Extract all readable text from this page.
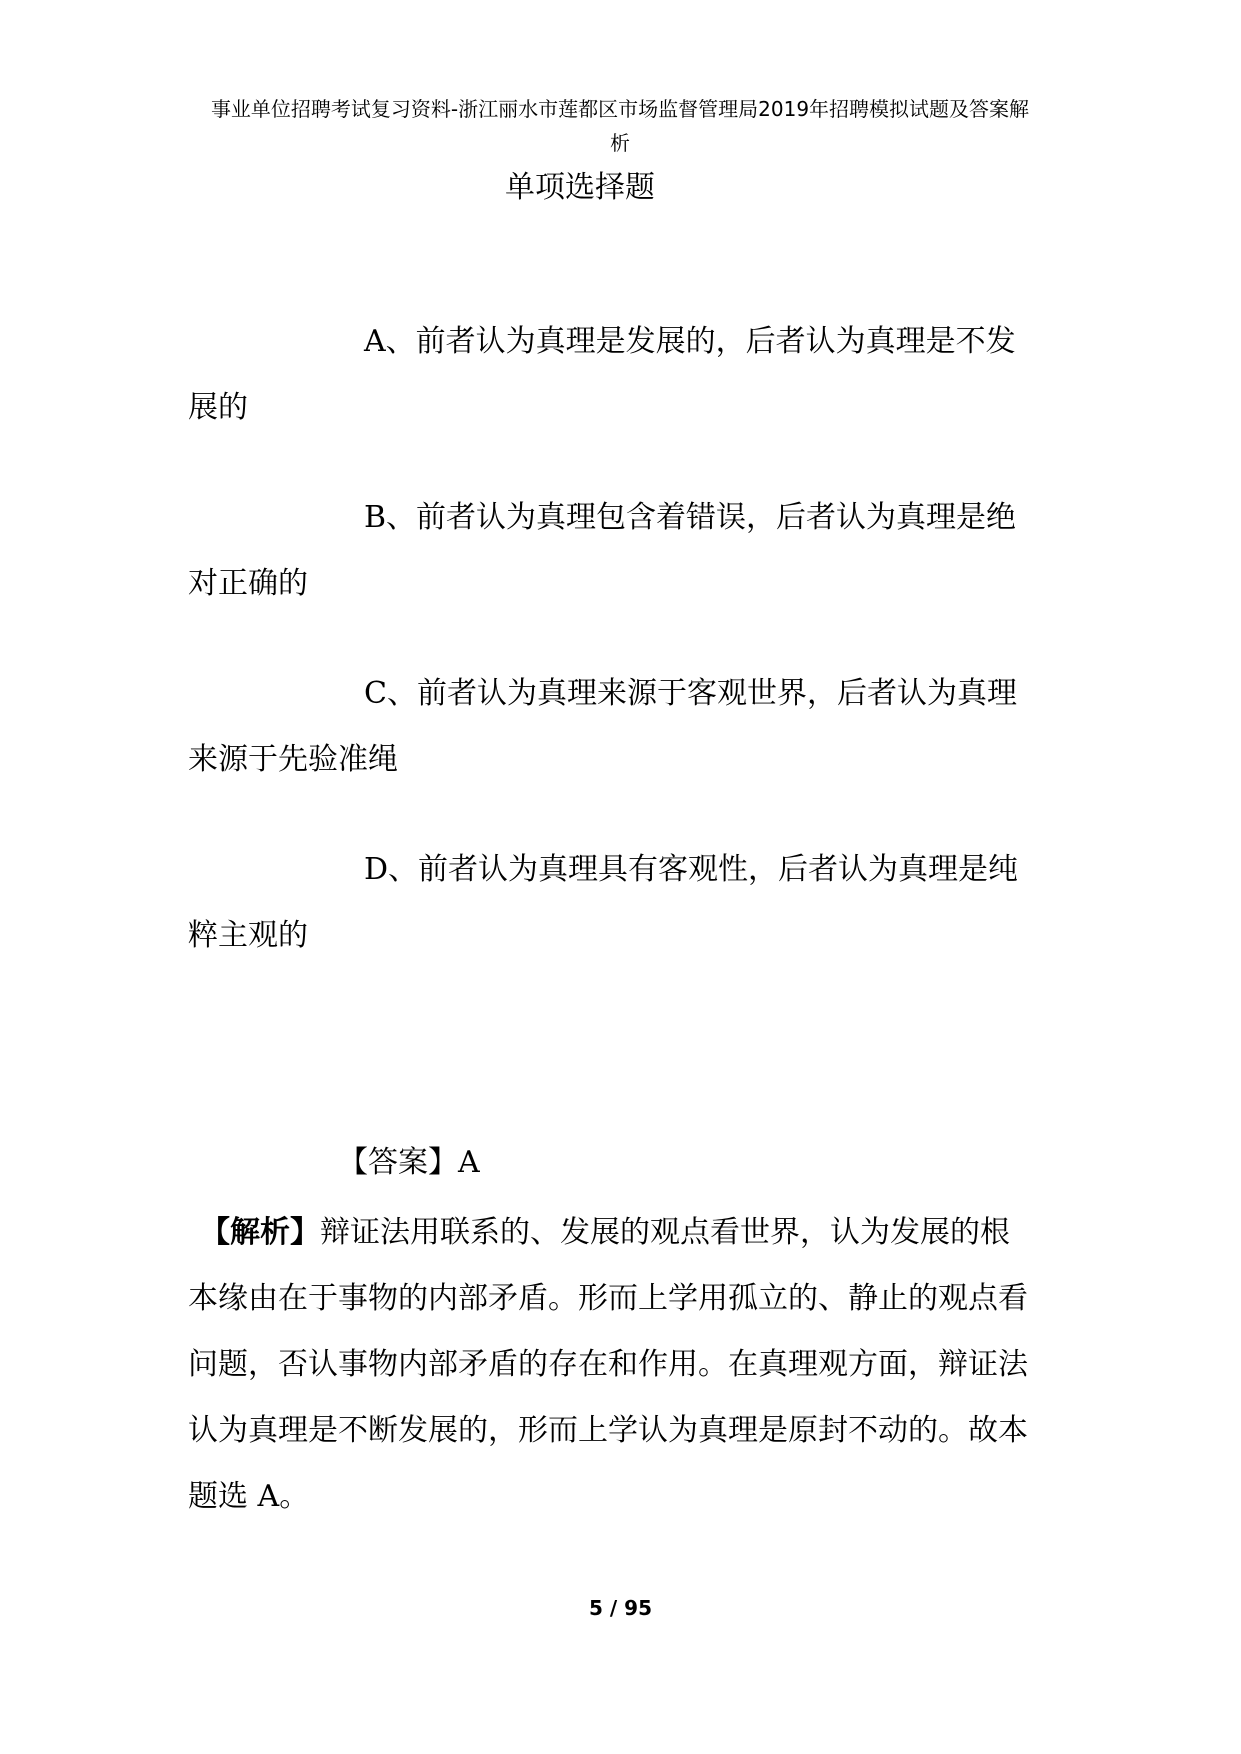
事业单位招聘考试复习资料-浙江丽水市莲都区市场监督管理局2019年招聘模拟试题及答案解
析
单项选择题
A、前者认为真理是发展的，后者认为真理是不发
展的
B、前者认为真理包含着错误，后者认为真理是绝
对正确的
C、前者认为真理来源于客观世界，后者认为真理
来源于先验准绳
D、前者认为真理具有客观性，后者认为真理是纯
粹主观的
【答案】A
【解析】辩证法用联系的、发展的观点看世界，认为发展的根
本缘由在于事物的内部矛盾。形而上学用孤立的、静止的观点看
问题，否认事物内部矛盾的存在和作用。在真理观方面，辩证法
认为真理是不断发展的，形而上学认为真理是原封不动的。故本
题选 A。
5 / 95
